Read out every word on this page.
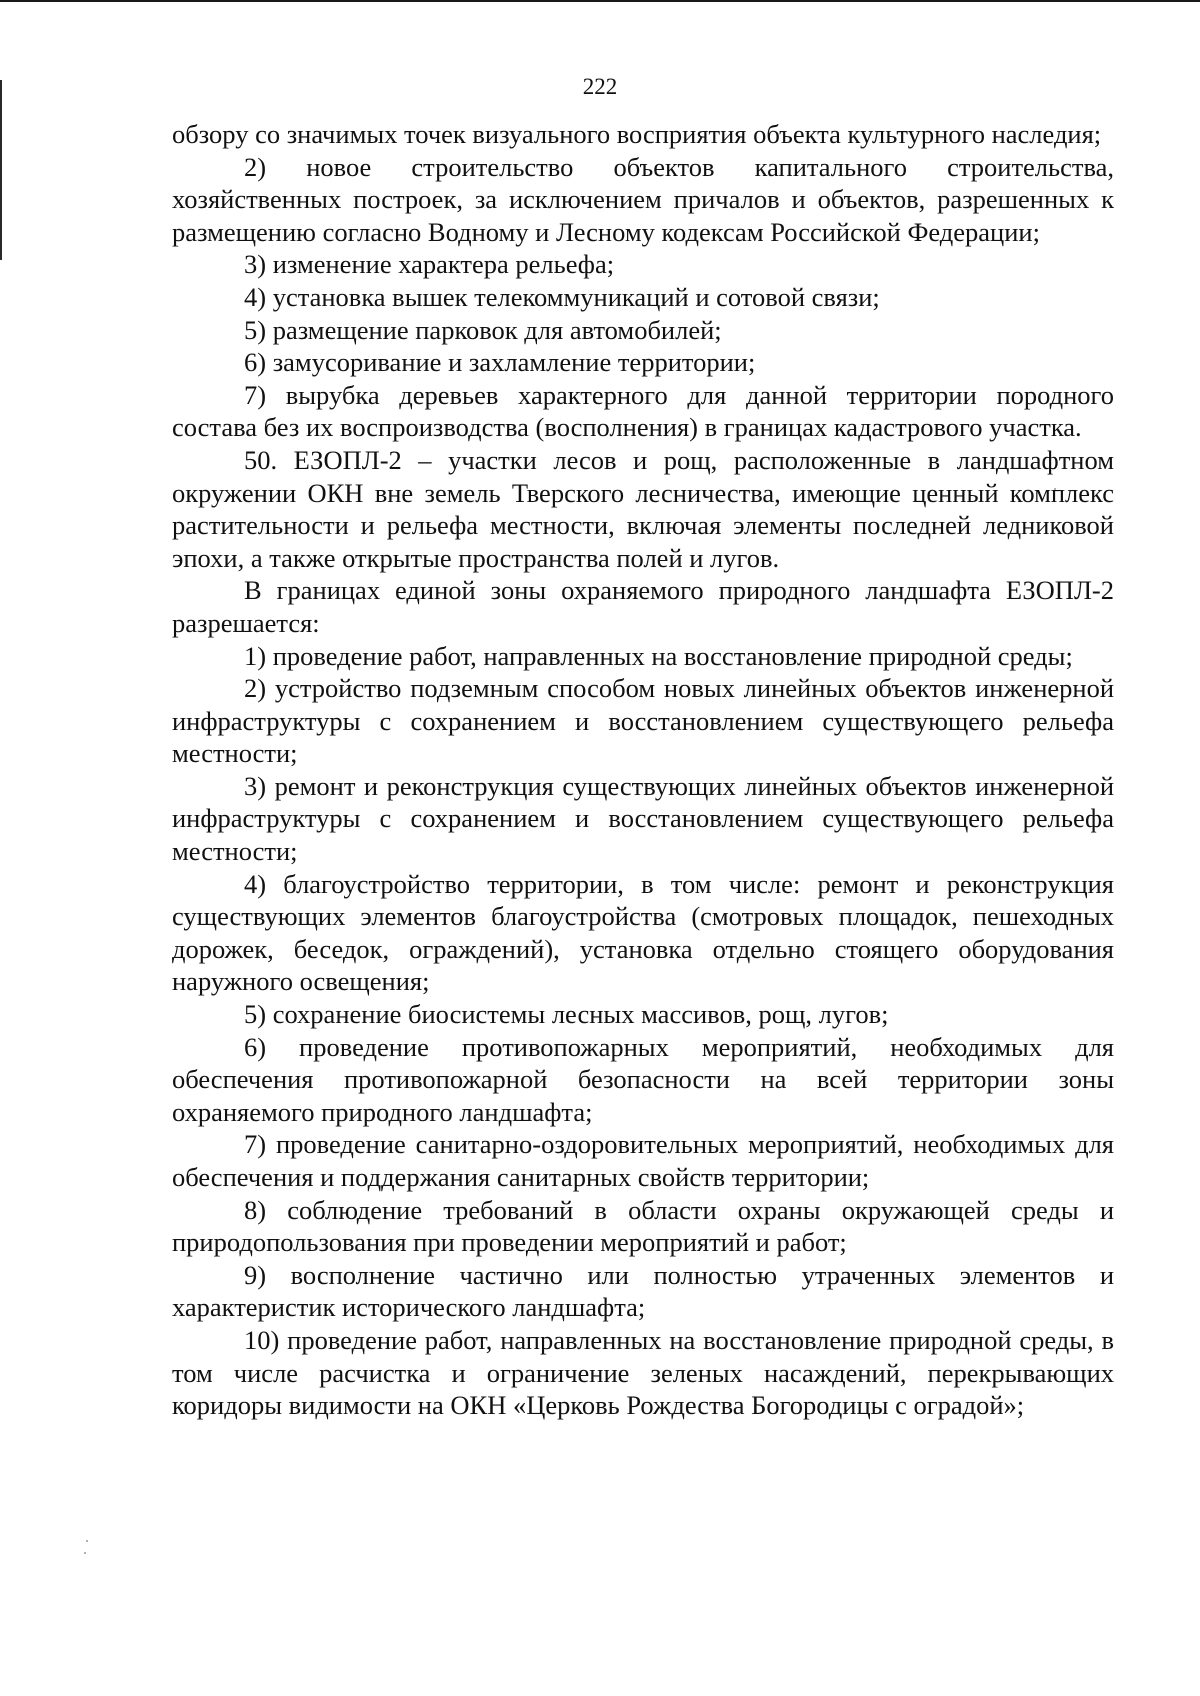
222

обзору со значимых точек визуального восприятия объекта культурного наследия;

2) новое строительство объектов капитального строительства, хозяйственных построек, за исключением причалов и объектов, разрешенных к размещению согласно Водному и Лесному кодексам Российской Федерации;

3) изменение характера рельефа;

4) установка вышек телекоммуникаций и сотовой связи;

5) размещение парковок для автомобилей;

6) замусоривание и захламление территории;

7) вырубка деревьев характерного для данной территории породного состава без их воспроизводства (восполнения) в границах кадастрового участка.

50. ЕЗОПЛ-2 – участки лесов и рощ, расположенные в ландшафтном окружении ОКН вне земель Тверского лесничества, имеющие ценный комплекс растительности и рельефа местности, включая элементы последней ледниковой эпохи, а также открытые пространства полей и лугов.

В границах единой зоны охраняемого природного ландшафта ЕЗОПЛ-2 разрешается:

1) проведение работ, направленных на восстановление природной среды;

2) устройство подземным способом новых линейных объектов инженерной инфраструктуры с сохранением и восстановлением существующего рельефа местности;

3) ремонт и реконструкция существующих линейных объектов инженерной инфраструктуры с сохранением и восстановлением существующего рельефа местности;

4) благоустройство территории, в том числе: ремонт и реконструкция существующих элементов благоустройства (смотровых площадок, пешеходных дорожек, беседок, ограждений), установка отдельно стоящего оборудования наружного освещения;

5) сохранение биосистемы лесных массивов, рощ, лугов;

6) проведение противопожарных мероприятий, необходимых для обеспечения противопожарной безопасности на всей территории зоны охраняемого природного ландшафта;

7) проведение санитарно-оздоровительных мероприятий, необходимых для обеспечения и поддержания санитарных свойств территории;

8) соблюдение требований в области охраны окружающей среды и природопользования при проведении мероприятий и работ;

9) восполнение частично или полностью утраченных элементов и характеристик исторического ландшафта;

10) проведение работ, направленных на восстановление природной среды, в том числе расчистка и ограничение зеленых насаждений, перекрывающих коридоры видимости на ОКН «Церковь Рождества Богородицы с оградой»;
